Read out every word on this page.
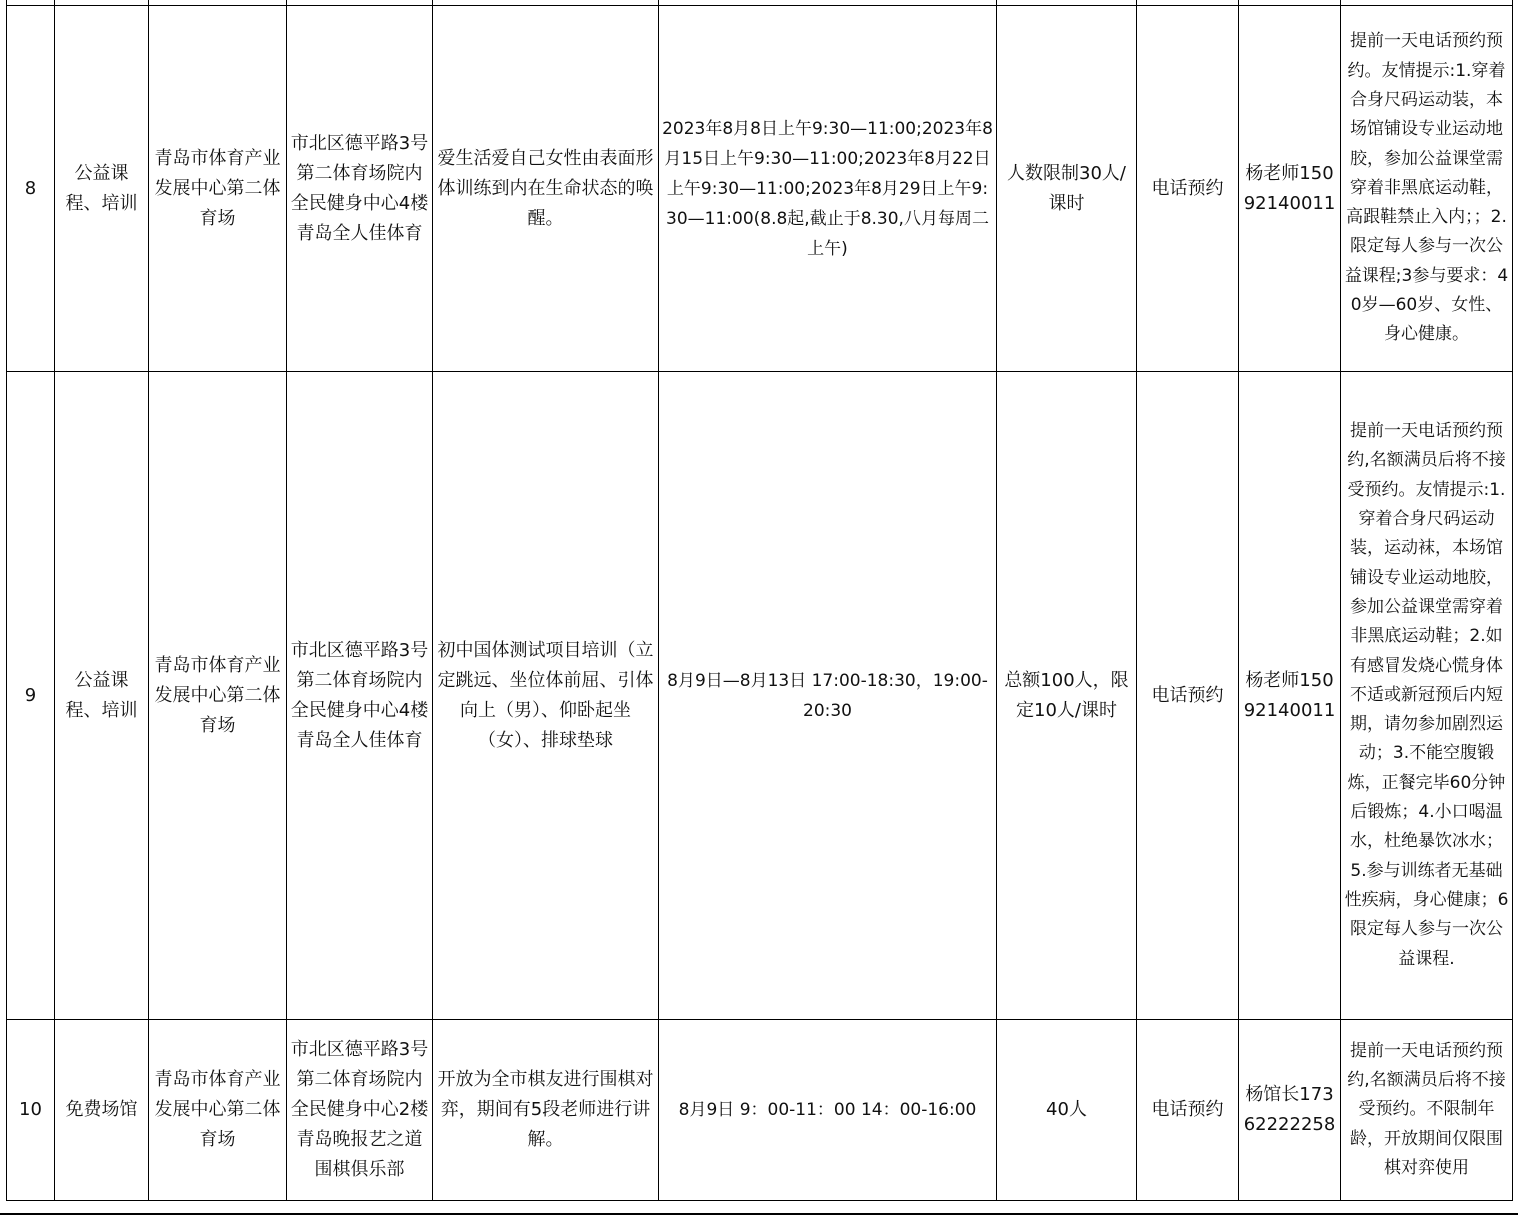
8	公益课程、培训	青岛市体育产业发展中心第二体育场	市北区德平路3号第二体育场院内全民健身中心4楼青岛全人佳体育	爱生活爱自己女性由表面形体训练到内在生命状态的唤醒。	2023年8月8日上午9:30—11:00;2023年8月15日上午9:30—11:00;2023年8月22日上午9:30—11:00;2023年8月29日上午9:30—11:00(8.8起,截止于8.30,八月每周二上午)	人数限制30人/课时	电话预约	杨老师15092140011	提前一天电话预约预约。友情提示:1.穿着合身尺码运动装，本场馆铺设专业运动地胶，参加公益课堂需穿着非黑底运动鞋，高跟鞋禁止入内；；2.限定每人参与一次公益课程;3参与要求：40岁—60岁、女性、身心健康。
9	公益课程、培训	青岛市体育产业发展中心第二体育场	市北区德平路3号第二体育场院内全民健身中心4楼青岛全人佳体育	初中国体测试项目培训（立定跳远、坐位体前屈、引体向上（男）、仰卧起坐（女）、排球垫球	8月9日—8月13日 17:00-18:30，19:00-20:30	总额100人，限定10人/课时	电话预约	杨老师15092140011	提前一天电话预约预约,名额满员后将不接受预约。友情提示:1.穿着合身尺码运动装，运动袜，本场馆铺设专业运动地胶，参加公益课堂需穿着非黑底运动鞋；2.如有感冒发烧心慌身体不适或新冠预后内短期，请勿参加剧烈运动；3.不能空腹锻炼，正餐完毕60分钟后锻炼；4.小口喝温水，杜绝暴饮冰水；5.参与训练者无基础性疾病，身心健康；6限定每人参与一次公益课程.
10	免费场馆	青岛市体育产业发展中心第二体育场	市北区德平路3号第二体育场院内全民健身中心2楼青岛晚报艺之道围棋俱乐部	开放为全市棋友进行围棋对弈，期间有5段老师进行讲解。	8月9日 9：00-11：00 14：00-16:00	40人	电话预约	杨馆长17362222258	提前一天电话预约预约,名额满员后将不接受预约。不限制年龄，开放期间仅限围棋对弈使用
